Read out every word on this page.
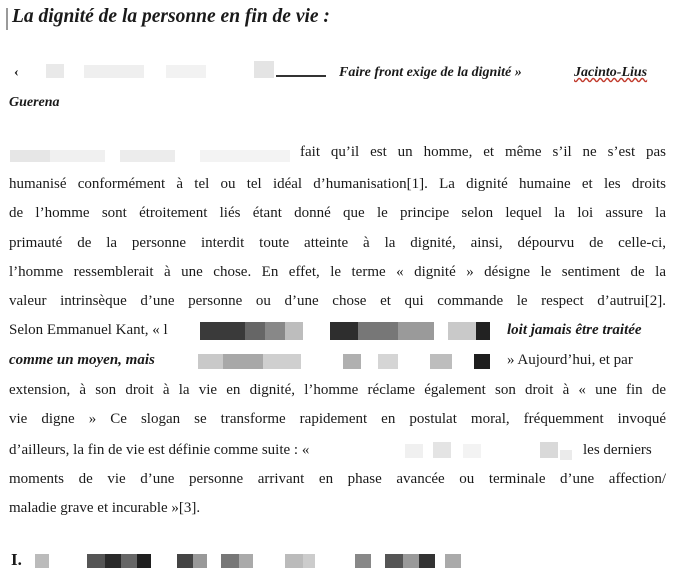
La dignité de la personne en fin de vie :
‹	Faire front exige de la dignité »	Jacinto-Lius
Guerena
fait qu’il est un homme, et même s’il ne s’est pas
humanisé conformément à tel ou tel idéal d’humanisation[1]. La dignité humaine et les droits
de l’homme sont étroitement liés étant donné que le principe selon lequel la loi assure la
primauté de la personne interdit toute atteinte à la dignité, ainsi, dépourvu de celle-ci,
l’homme ressemblerait à une chose. En effet, le terme « dignité » désigne le sentiment de la
valeur intrinsèque d’une personne ou d’une chose et qui commande le respect d’autrui[2].
Selon Emmanuel Kant, « l	loit jamais être traitée
comme un moyen, mais	» Aujourd’hui, et par
extension, à son droit à la vie en dignité, l’homme réclame également son droit à « une fin de
vie digne » Ce slogan se transforme rapidement en postulat moral, fréquemment invoqué
d’ailleurs, la fin de vie est définie comme suite : «	les derniers
moments de vie d’une personne arrivant en phase avancée ou terminale d’une affection/
maladie grave et incurable »[3].
I.
